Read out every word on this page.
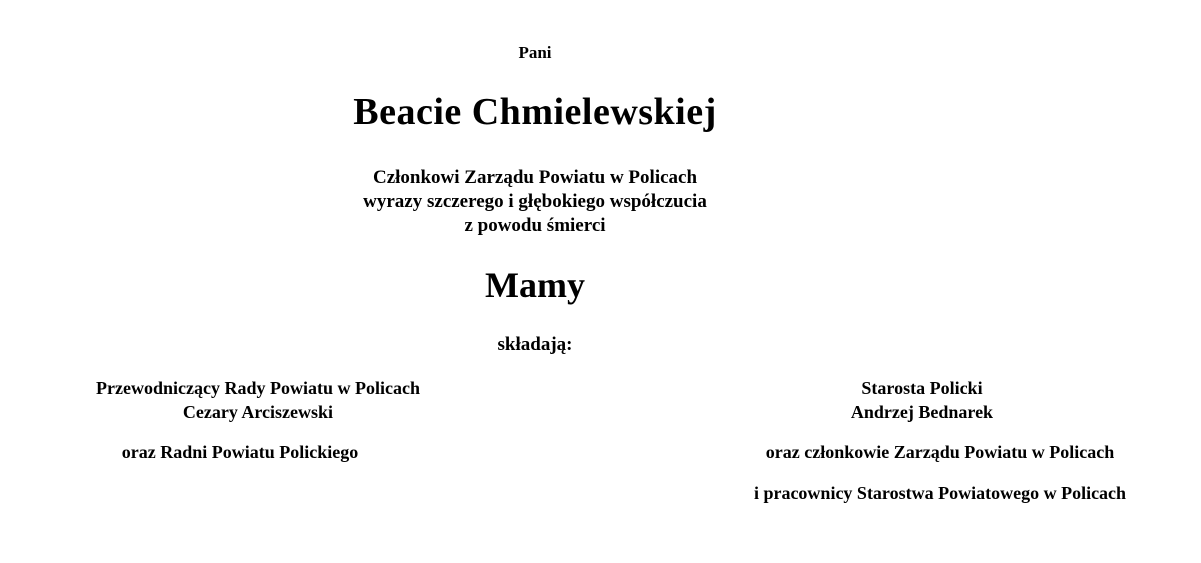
Pani
Beacie Chmielewskiej
Członkowi Zarządu Powiatu w Policach
wyrazy szczerego i głębokiego współczucia
z powodu śmierci
Mamy
składają:
Przewodniczący Rady Powiatu w Policach
Cezary Arciszewski
oraz Radni Powiatu Polickiego
Starosta Policki
Andrzej Bednarek
oraz członkowie Zarządu Powiatu w Policach
i pracownicy Starostwa Powiatowego w Policach
